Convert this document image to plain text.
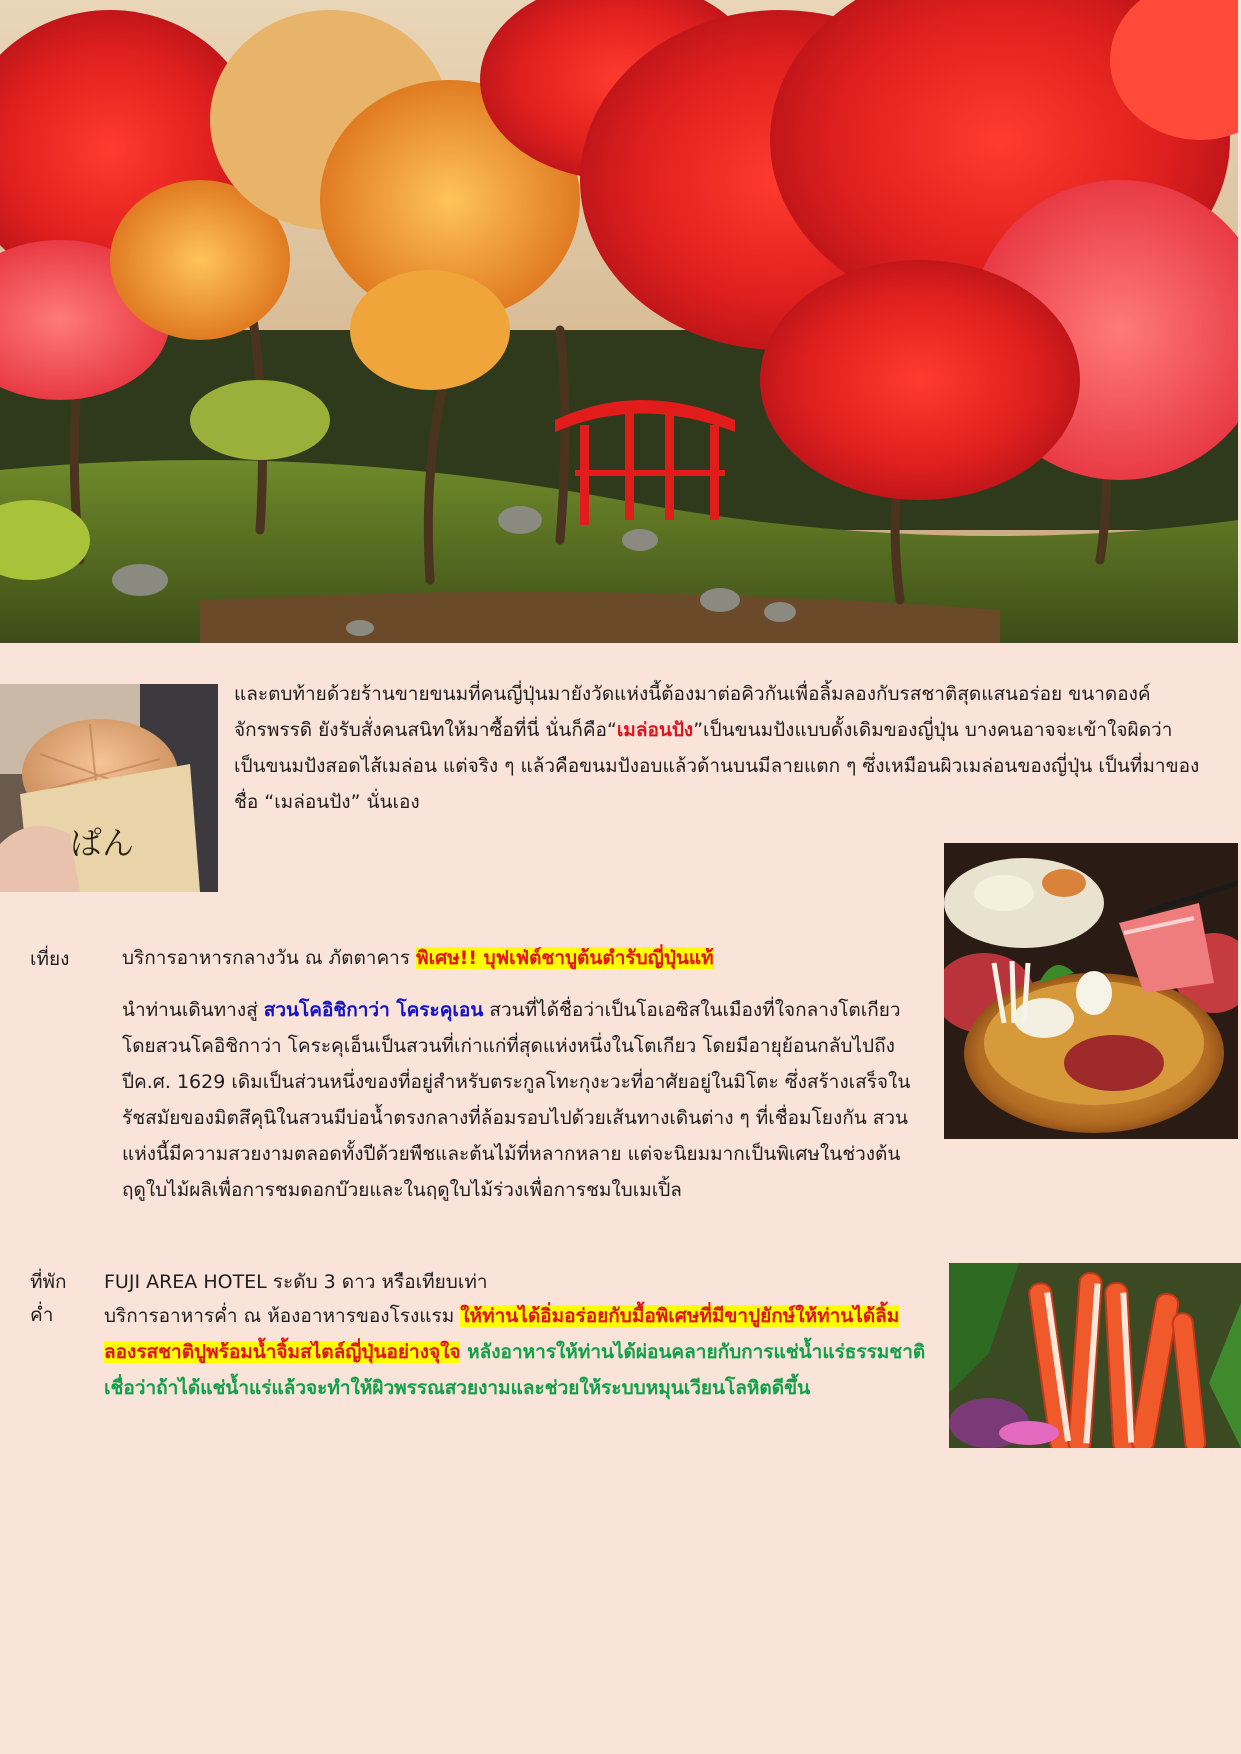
ぱん

และตบท้ายด้วยร้านขายขนมที่คนญี่ปุ่นมายังวัดแห่งนี้ต้องมาต่อคิวกันเพื่อลิ้มลองกับรสชาติสุดแสนอร่อย ขนาดองค์จักรพรรดิ ยังรับสั่งคนสนิทให้มาซื้อที่นี่ นั่นก็คือ“เมล่อนปัง”เป็นขนมปังแบบดั้งเดิมของญี่ปุ่น บางคนอาจจะเข้าใจผิดว่าเป็นขนมปังสอดไส้เมล่อน แต่จริง ๆ แล้วคือขนมปังอบแล้วด้านบนมีลายแตก ๆ ซึ่งเหมือนผิวเมล่อนของญี่ปุ่น เป็นที่มาของชื่อ “เมล่อนปัง” นั่นเอง

เที่ยง	บริการอาหารกลางวัน ณ ภัตตาคาร พิเศษ!! บุฟเฟ่ต์ชาบูต้นตำรับญี่ปุ่นแท้

นำท่านเดินทางสู่ สวนโคอิชิกาว่า โคระคุเอน สวนที่ได้ชื่อว่าเป็นโอเอซิสในเมืองที่ใจกลางโตเกียว โดยสวนโคอิชิกาว่า โคระคุเอ็นเป็นสวนที่เก่าแก่ที่สุดแห่งหนึ่งในโตเกียว โดยมีอายุย้อนกลับไปถึงปีค.ศ. 1629 เดิมเป็นส่วนหนึ่งของที่อยู่สำหรับตระกูลโทะกุงะวะที่อาศัยอยู่ในมิโตะ ซึ่งสร้างเสร็จในรัชสมัยของมิตสึคุนิในสวนมีบ่อน้ำตรงกลางที่ล้อมรอบไปด้วยเส้นทางเดินต่าง ๆ ที่เชื่อมโยงกัน สวนแห่งนี้มีความสวยงามตลอดทั้งปีด้วยพืชและต้นไม้ที่หลากหลาย แต่จะนิยมมากเป็นพิเศษในช่วงต้นฤดูใบไม้ผลิเพื่อการชมดอกบ๊วยและในฤดูใบไม้ร่วงเพื่อการชมใบเมเปิ้ล

ที่พัก FUJI AREA HOTEL ระดับ 3 ดาว หรือเทียบเท่า
ค่ำ	บริการอาหารค่ำ ณ ห้องอาหารของโรงแรม ให้ท่านได้อิ่มอร่อยกับมื้อพิเศษที่มีขาปูยักษ์ให้ท่านได้ลิ้มลองรสชาติปูพร้อมน้ำจิ้มสไตล์ญี่ปุ่นอย่างจุใจ หลังอาหารให้ท่านได้ผ่อนคลายกับการแช่น้ำแร่ธรรมชาติ เชื่อว่าถ้าได้แช่น้ำแร่แล้วจะทำให้ผิวพรรณสวยงามและช่วยให้ระบบหมุนเวียนโลหิตดีขึ้น
